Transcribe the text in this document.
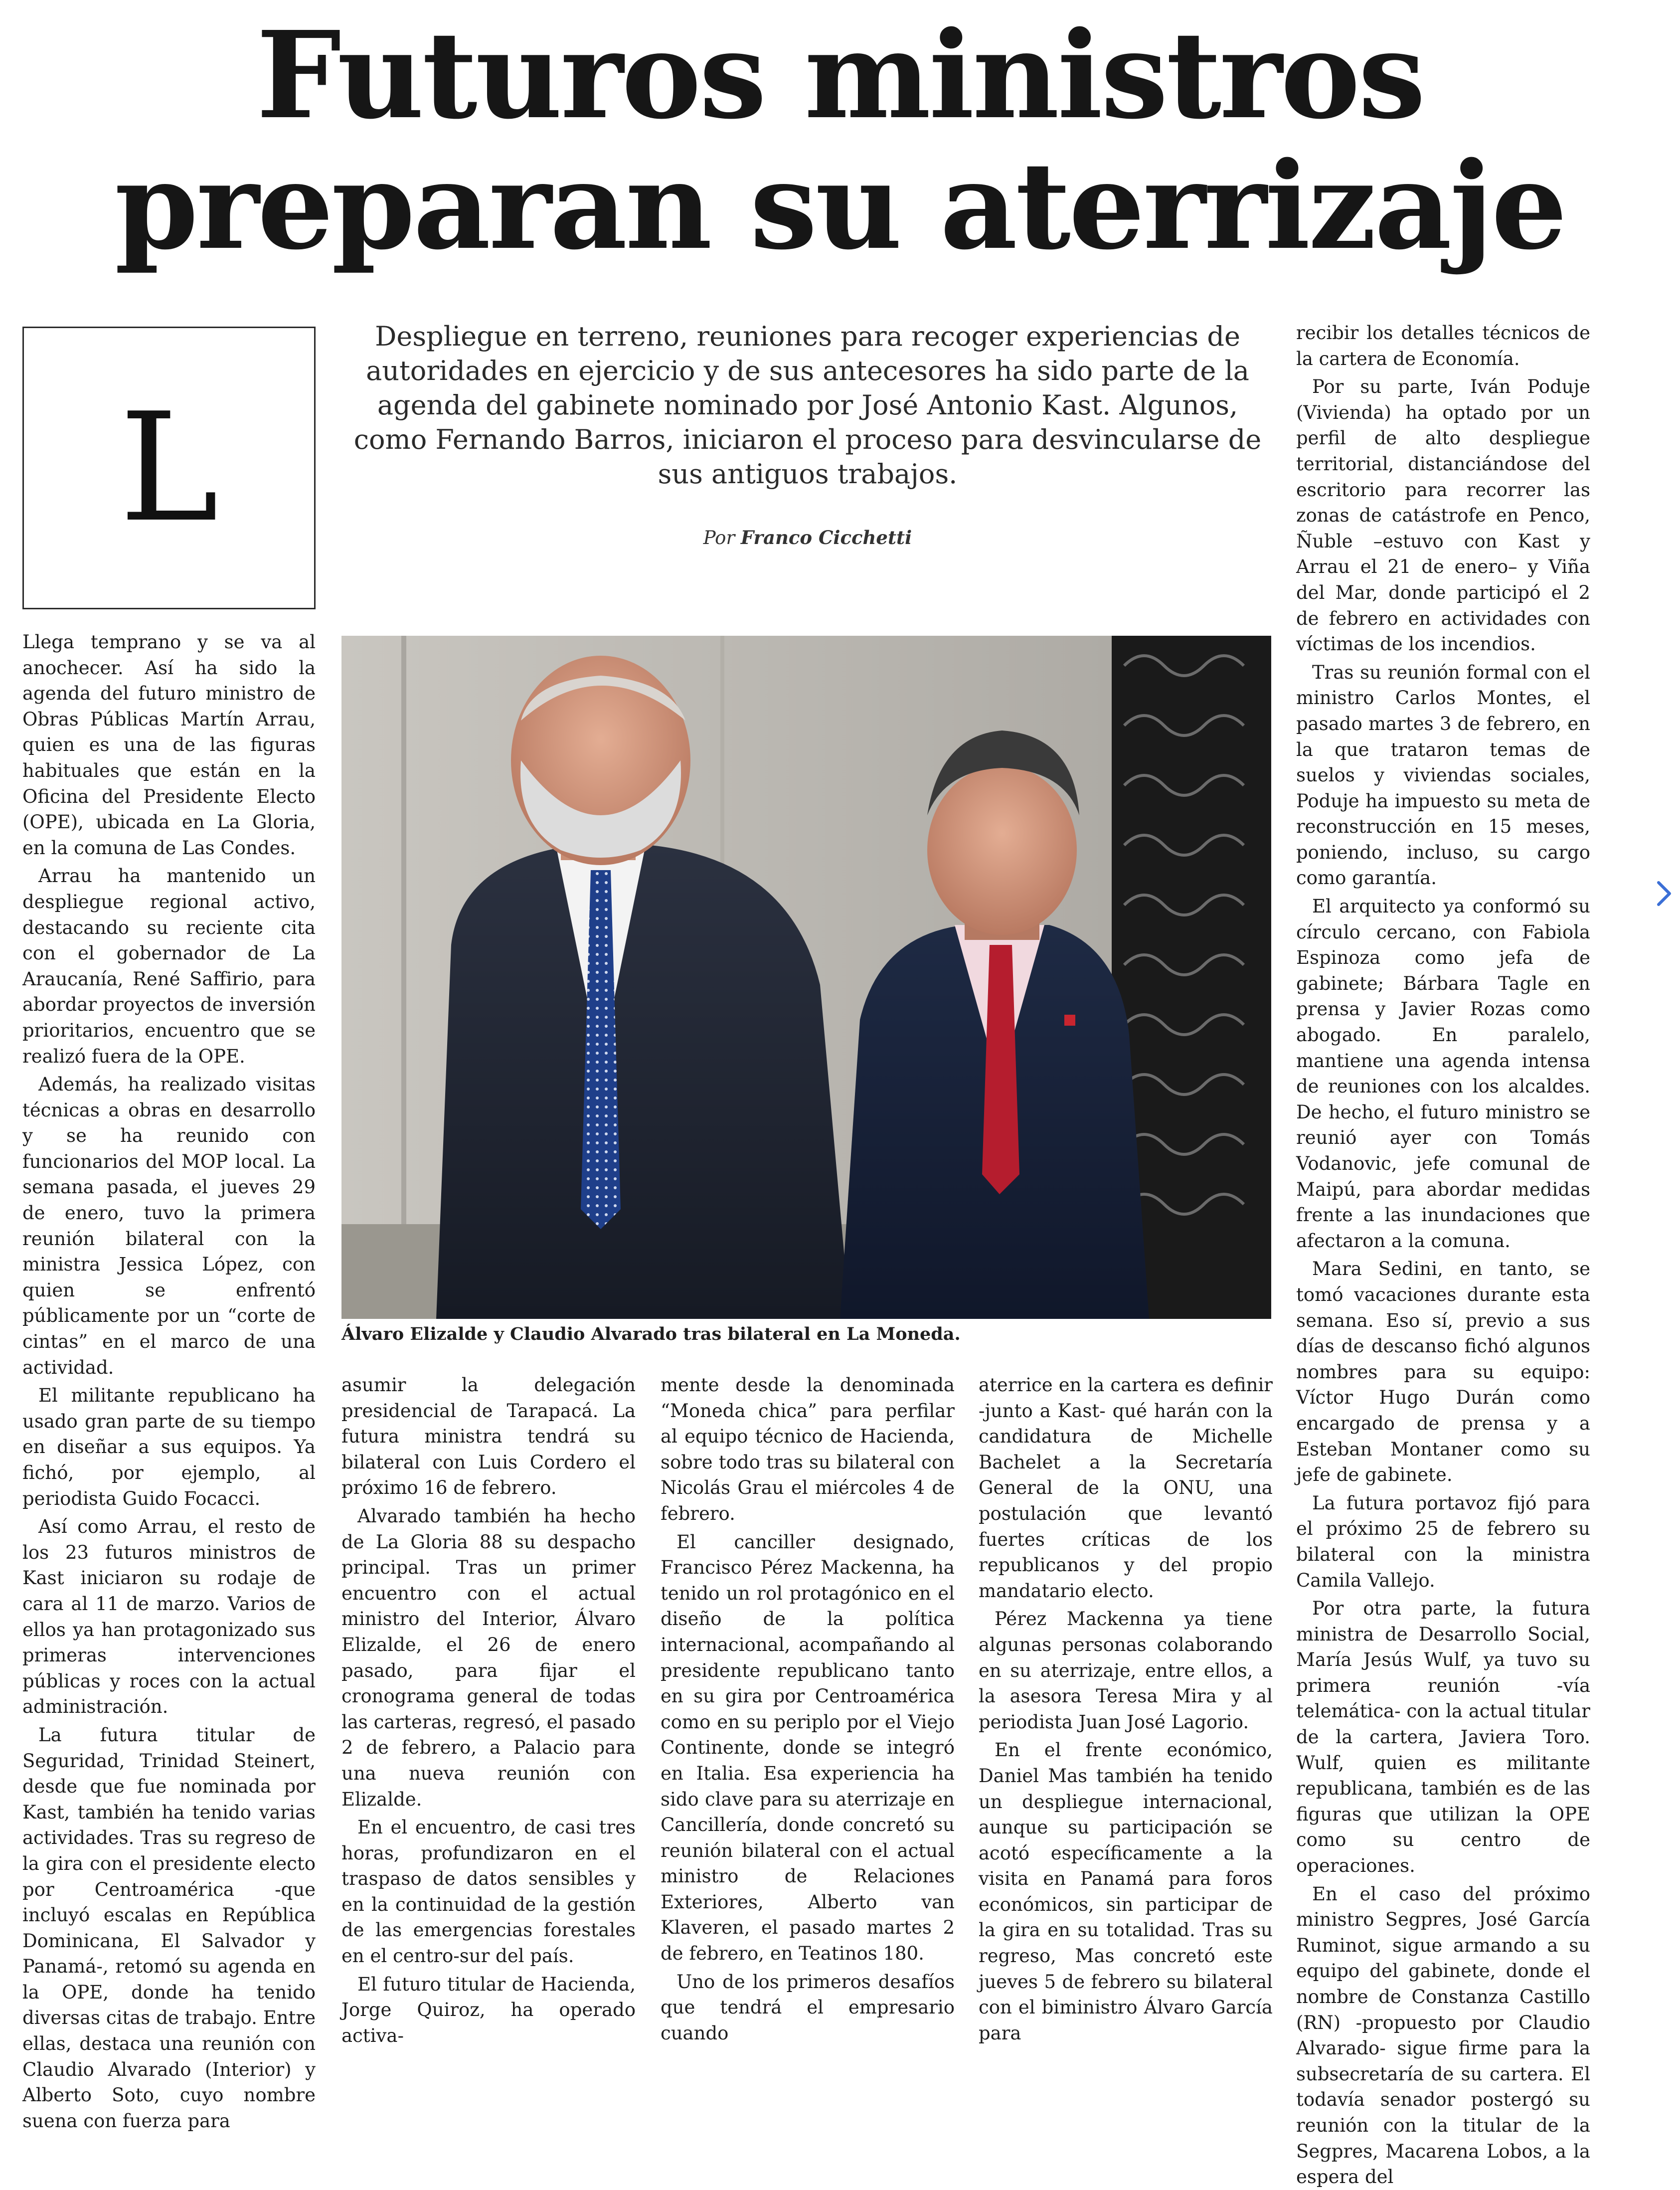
Futuros ministros
preparan su aterrizaje
L
Despliegue en terreno, reuniones para recoger experiencias de autoridades en ejercicio y de sus antecesores ha sido parte de la agenda del gabinete nominado por José Antonio Kast. Algunos, como Fernando Barros, iniciaron el proceso para desvincularse de sus antiguos trabajos.
Por Franco Cicchetti
Álvaro Elizalde y Claudio Alvarado tras bilateral en La Moneda.

Llega temprano y se va al anochecer. Así ha sido la agenda del futuro ministro de Obras Públicas Martín Arrau, quien es una de las figuras habituales que están en la Oficina del Presidente Electo (OPE), ubicada en La Gloria, en la comuna de Las Condes.

Arrau ha mantenido un despliegue regional activo, destacando su reciente cita con el gobernador de La Araucanía, René Saffirio, para abordar proyectos de inversión prioritarios, encuentro que se realizó fuera de la OPE.

Además, ha realizado visitas técnicas a obras en desarrollo y se ha reunido con funcionarios del MOP local. La semana pasada, el jueves 29 de enero, tuvo la primera reunión bilateral con la ministra Jessica López, con quien se enfrentó públicamente por un “corte de cintas” en el marco de una actividad.

El militante republicano ha usado gran parte de su tiempo en diseñar a sus equipos. Ya fichó, por ejemplo, al periodista Guido Focacci.

Así como Arrau, el resto de los 23 futuros ministros de Kast iniciaron su rodaje de cara al 11 de marzo. Varios de ellos ya han protagonizado sus primeras intervenciones públicas y roces con la actual administración.

La futura titular de Seguridad, Trinidad Steinert, desde que fue nominada por Kast, también ha tenido varias actividades. Tras su regreso de la gira con el presidente electo por Centroamérica -que incluyó escalas en República Dominicana, El Salvador y Panamá-, retomó su agenda en la OPE, donde ha tenido diversas citas de trabajo. Entre ellas, destaca una reunión con Claudio Alvarado (Interior) y Alberto Soto, cuyo nombre suena con fuerza para

asumir la delegación presidencial de Tarapacá. La futura ministra tendrá su bilateral con Luis Cordero el próximo 16 de febrero.

Alvarado también ha hecho de La Gloria 88 su despacho principal. Tras un primer encuentro con el actual ministro del Interior, Álvaro Elizalde, el 26 de enero pasado, para fijar el cronograma general de todas las carteras, regresó, el pasado 2 de febrero, a Palacio para una nueva reunión con Elizalde.

En el encuentro, de casi tres horas, profundizaron en el traspaso de datos sensibles y en la continuidad de la gestión de las emergencias forestales en el centro-sur del país.

El futuro titular de Hacienda, Jorge Quiroz, ha operado activa-

mente desde la denominada “Moneda chica” para perfilar al equipo técnico de Hacienda, sobre todo tras su bilateral con Nicolás Grau el miércoles 4 de febrero.

El canciller designado, Francisco Pérez Mackenna, ha tenido un rol protagónico en el diseño de la política internacional, acompañando al presidente republicano tanto en su gira por Centroamérica como en su periplo por el Viejo Continente, donde se integró en Italia. Esa experiencia ha sido clave para su aterrizaje en Cancillería, donde concretó su reunión bilateral con el actual ministro de Relaciones Exteriores, Alberto van Klaveren, el pasado martes 2 de febrero, en Teatinos 180.

Uno de los primeros desafíos que tendrá el empresario cuando

aterrice en la cartera es definir -junto a Kast- qué harán con la candidatura de Michelle Bachelet a la Secretaría General de la ONU, una postulación que levantó fuertes críticas de los republicanos y del propio mandatario electo.

Pérez Mackenna ya tiene algunas personas colaborando en su aterrizaje, entre ellos, a la asesora Teresa Mira y al periodista Juan José Lagorio.

En el frente económico, Daniel Mas también ha tenido un despliegue internacional, aunque su participación se acotó específicamente a la visita en Panamá para foros económicos, sin participar de la gira en su totalidad. Tras su regreso, Mas concretó este jueves 5 de febrero su bilateral con el biministro Álvaro García para

recibir los detalles técnicos de la cartera de Economía.

Por su parte, Iván Poduje (Vivienda) ha optado por un perfil de alto despliegue territorial, distanciándose del escritorio para recorrer las zonas de catástrofe en Penco, Ñuble –estuvo con Kast y Arrau el 21 de enero– y Viña del Mar, donde participó el 2 de febrero en actividades con víctimas de los incendios.

Tras su reunión formal con el ministro Carlos Montes, el pasado martes 3 de febrero, en la que trataron temas de suelos y viviendas sociales, Poduje ha impuesto su meta de reconstrucción en 15 meses, poniendo, incluso, su cargo como garantía.

El arquitecto ya conformó su círculo cercano, con Fabiola Espinoza como jefa de gabinete; Bárbara Tagle en prensa y Javier Rozas como abogado. En paralelo, mantiene una agenda intensa de reuniones con los alcaldes. De hecho, el futuro ministro se reunió ayer con Tomás Vodanovic, jefe comunal de Maipú, para abordar medidas frente a las inundaciones que afectaron a la comuna.

Mara Sedini, en tanto, se tomó vacaciones durante esta semana. Eso sí, previo a sus días de descanso fichó algunos nombres para su equipo: Víctor Hugo Durán como encargado de prensa y a Esteban Montaner como su jefe de gabinete.

La futura portavoz fijó para el próximo 25 de febrero su bilateral con la ministra Camila Vallejo.

Por otra parte, la futura ministra de Desarrollo Social, María Jesús Wulf, ya tuvo su primera reunión -vía telemática- con la actual titular de la cartera, Javiera Toro. Wulf, quien es militante republicana, también es de las figuras que utilizan la OPE como su centro de operaciones.

En el caso del próximo ministro Segpres, José García Ruminot, sigue armando a su equipo del gabinete, donde el nombre de Constanza Castillo (RN) -propuesto por Claudio Alvarado- sigue firme para la subsecretaría de su cartera. El todavía senador postergó su reunión con la titular de la Segpres, Macarena Lobos, a la espera del
